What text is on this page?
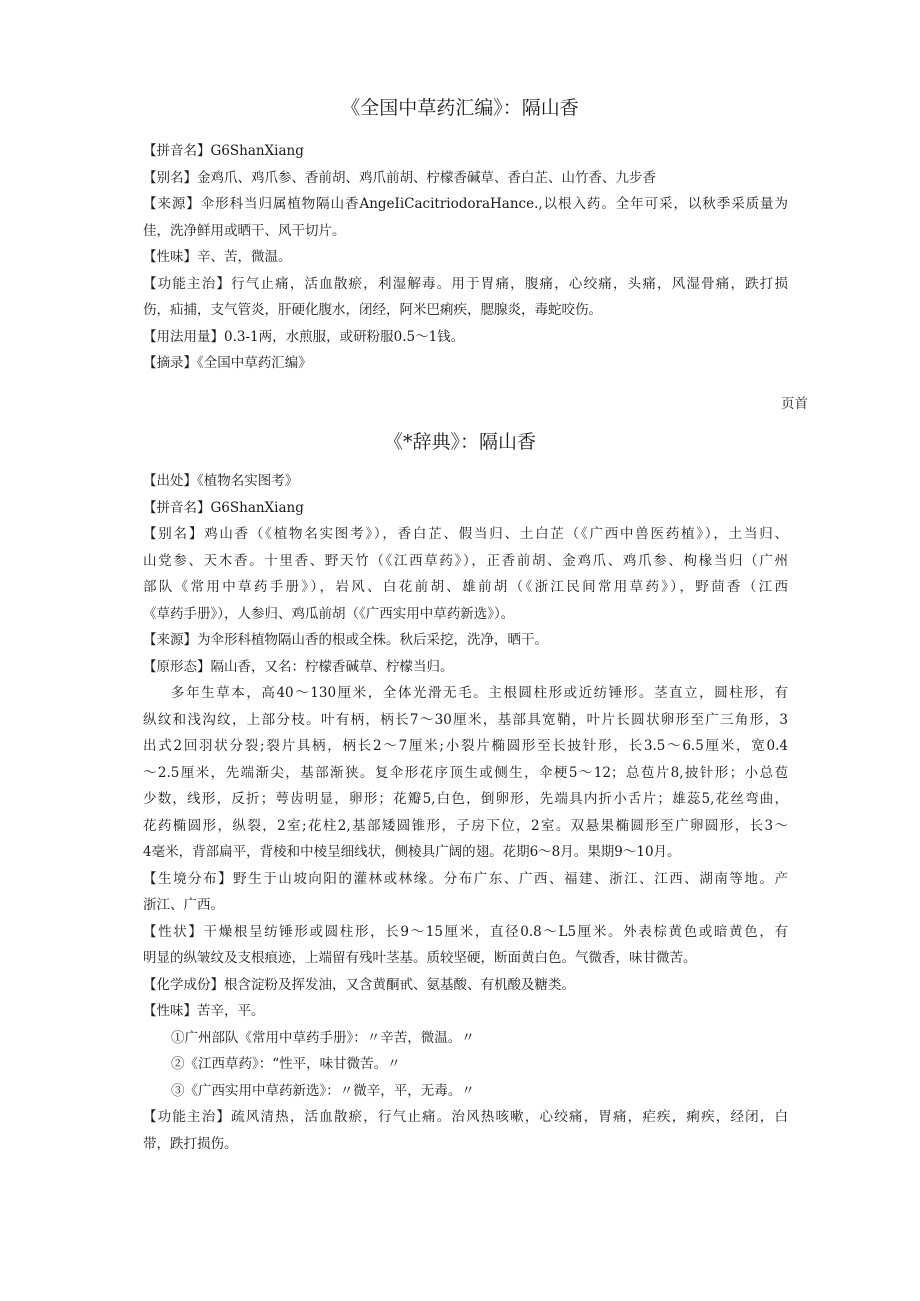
《全国中草药汇编》：隔山香
【拼音名】G6ShanXiang
【别名】金鸡爪、鸡爪参、香前胡、鸡爪前胡、柠檬香碱草、香白芷、山竹香、九步香
【来源】伞形科当归属植物隔山香AngeIiCacitriodoraHance.,以根入药。全年可采，以秋季采质量为
佳，洗净鲜用或晒干、风干切片。
【性味】辛、苦，微温。
【功能主治】行气止痛，活血散瘀，利湿解毒。用于胃痛，腹痛，心绞痛，头痛，风湿骨痛，跌打损
伤，疝捕，支气管炎，肝硬化腹水，闭经，阿米巴痢疾，腮腺炎，毒蛇咬伤。
【用法用量】0.3-1两，水煎服，或研粉服0.5～1钱。
【摘录】《全国中草药汇编》
页首
《*辞典》：隔山香
【出处】《植物名实图考》
【拼音名】G6ShanXiang
【别名】鸡山香（《植物名实图考》），香白芷、假当归、土白芷（《广西中兽医药植》），土当归、
山党参、天木香。十里香、野天竹（《江西草药》），正香前胡、金鸡爪、鸡爪参、枸椽当归（广州
部队《常用中草药手册》），岩风、白花前胡、雄前胡（《浙江民间常用草药》），野茴香（江西
《草药手册》），人参归、鸡瓜前胡（《广西实用中草药新选》）。
【来源】为伞形科植物隔山香的根或全株。秋后采挖，洗净，晒干。
【原形态】隔山香，又名：柠檬香碱草、柠檬当归。
多年生草本，高40～130厘米，全体光滑无毛。主根圆柱形或近纺锤形。茎直立，圆柱形，有
纵纹和浅沟纹，上部分枝。叶有柄，柄长7～30厘米，基部具宽鞘，叶片长圆状卵形至广三角形，3
出式2回羽状分裂;裂片具柄，柄长2～7厘米;小裂片椭圆形至长披针形，长3.5～6.5厘米，宽0.4
～2.5厘米，先端渐尖，基部渐狭。复伞形花序顶生或侧生，伞梗5～12；总苞片8,披针形；小总苞
少数，线形，反折；萼齿明显，卵形；花瓣5,白色，倒卵形，先端具内折小舌片；雄蕊5,花丝弯曲，
花药椭圆形，纵裂，2室;花柱2,基部矮圆锥形，子房下位，2室。双悬果椭圆形至广卵圆形，长3～
4毫米，背部扁平，背棱和中棱呈细线状，侧棱具广阔的翅。花期6～8月。果期9～10月。
【生境分布】野生于山坡向阳的灌林或林缘。分布广东、广西、福建、浙江、江西、湖南等地。产
浙江、广西。
【性状】干燥根呈纺锤形或圆柱形，长9～15厘米，直径0.8～L5厘米。外表棕黄色或暗黄色，有
明显的纵皱纹及支根痕迹，上端留有残叶茎基。质较坚硬，断面黄白色。气微香，味甘微苦。
【化学成份】根含淀粉及挥发油，又含黄酮甙、氨基酸、有机酸及糖类。
【性味】苦辛，平。
①广州部队《常用中草药手册》：〃辛苦，微温。〃
②《江西草药》：“性平，味甘微苦。〃
③《广西实用中草药新选》：〃微辛，平，无毒。〃
【功能主治】疏风清热，活血散瘀，行气止痛。治风热咳嗽，心绞痛，胃痛，疟疾，痢疾，经闭，白
带，跌打损伤。
